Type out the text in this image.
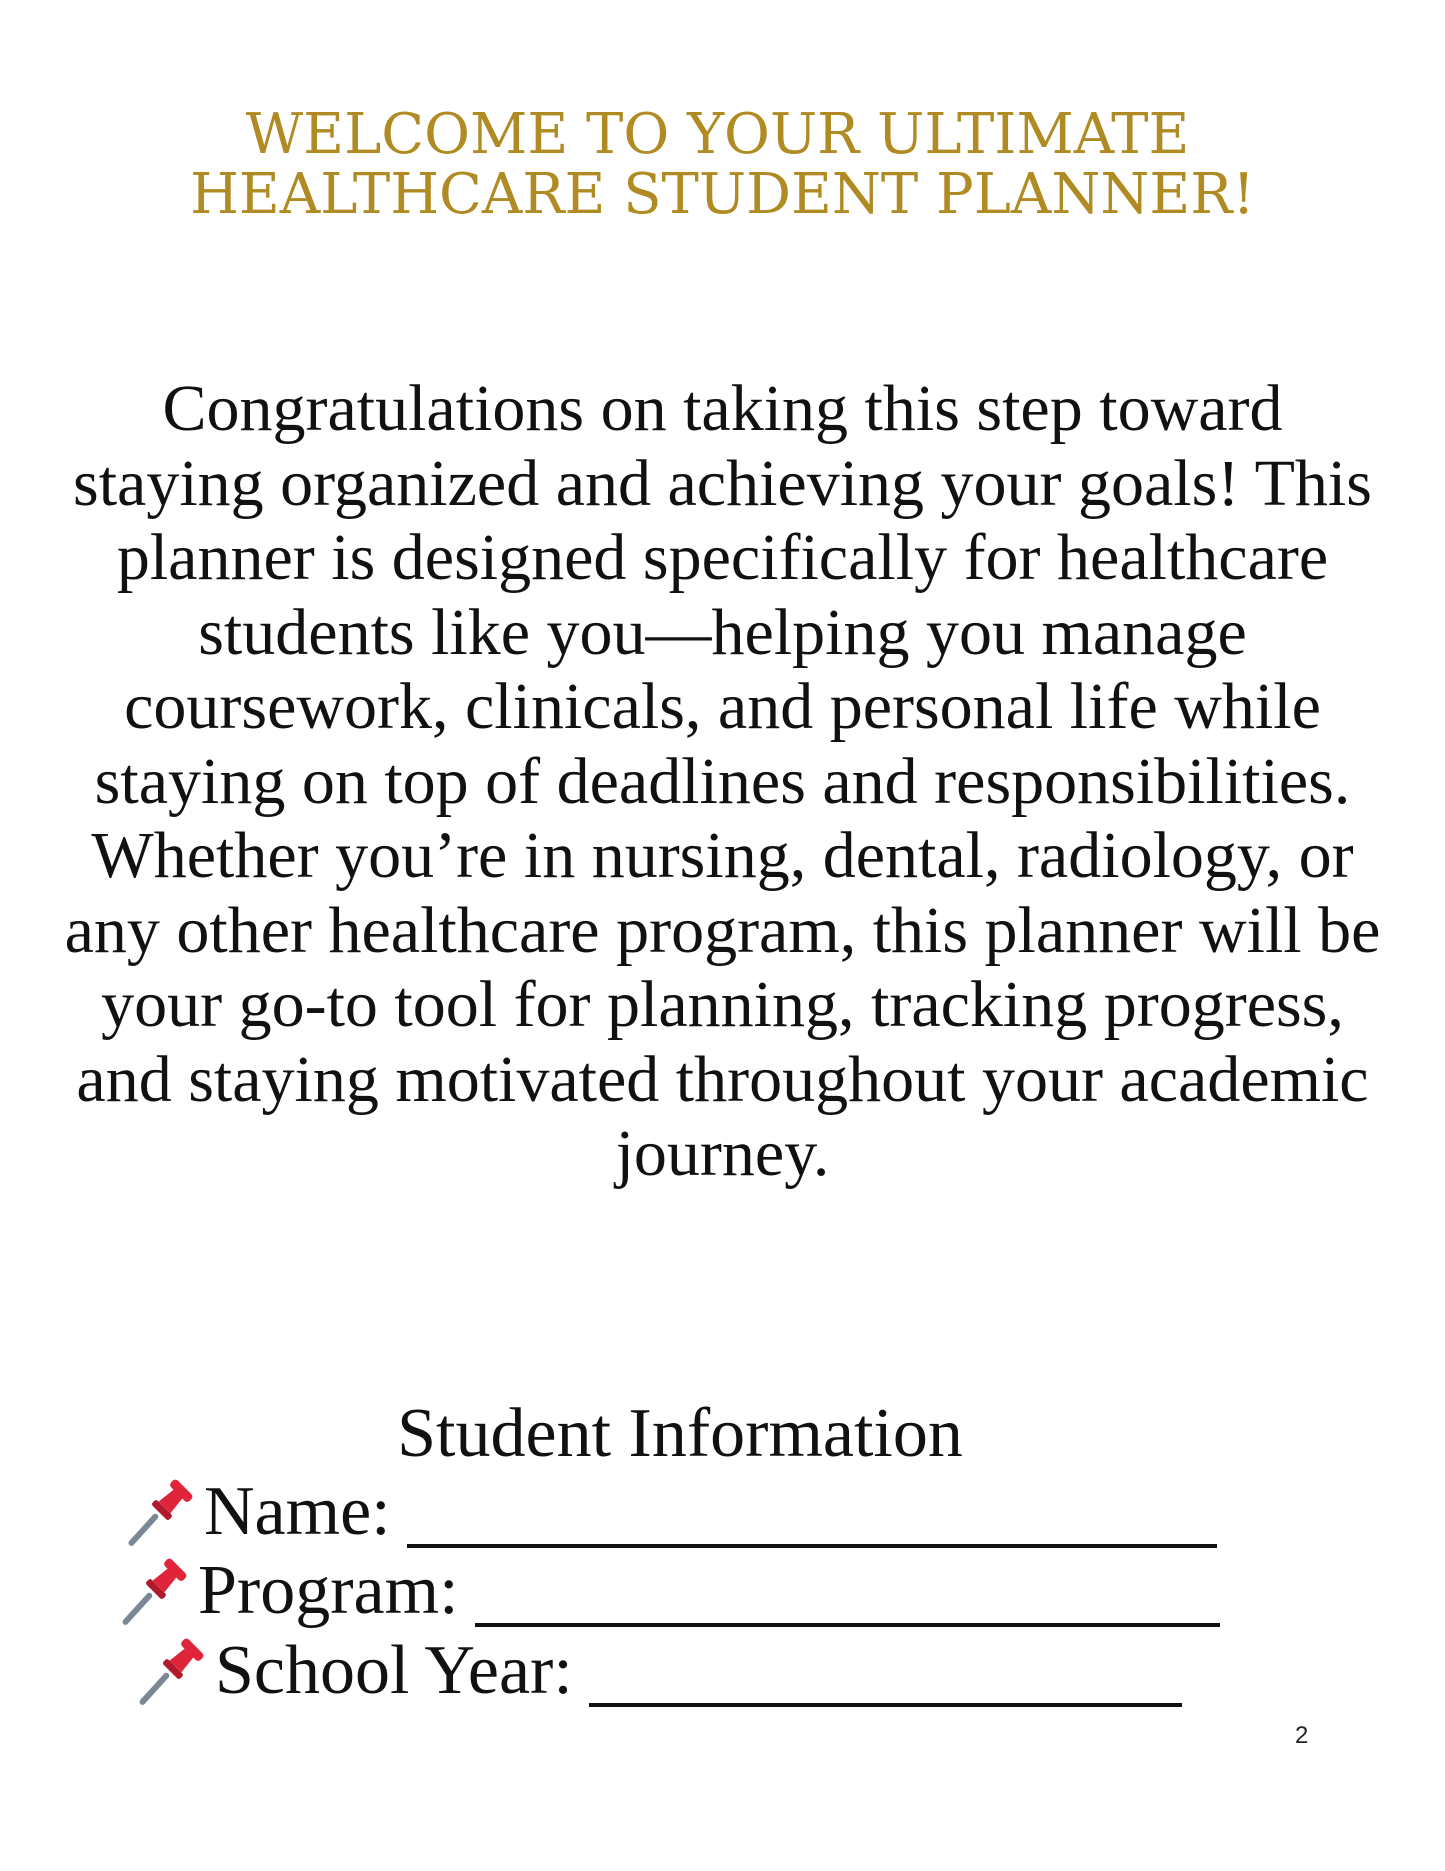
WELCOME TO YOUR ULTIMATE
HEALTHCARE STUDENT PLANNER!

Congratulations on taking this step toward staying organized and achieving your goals! This planner is designed specifically for healthcare students like you—helping you manage coursework, clinicals, and personal life while staying on top of deadlines and responsibilities.

Whether you’re in nursing, dental, radiology, or any other healthcare program, this planner will be your go-to tool for planning, tracking progress, and staying motivated throughout your academic journey.

Student Information
Name:
Program:
School Year:
2
